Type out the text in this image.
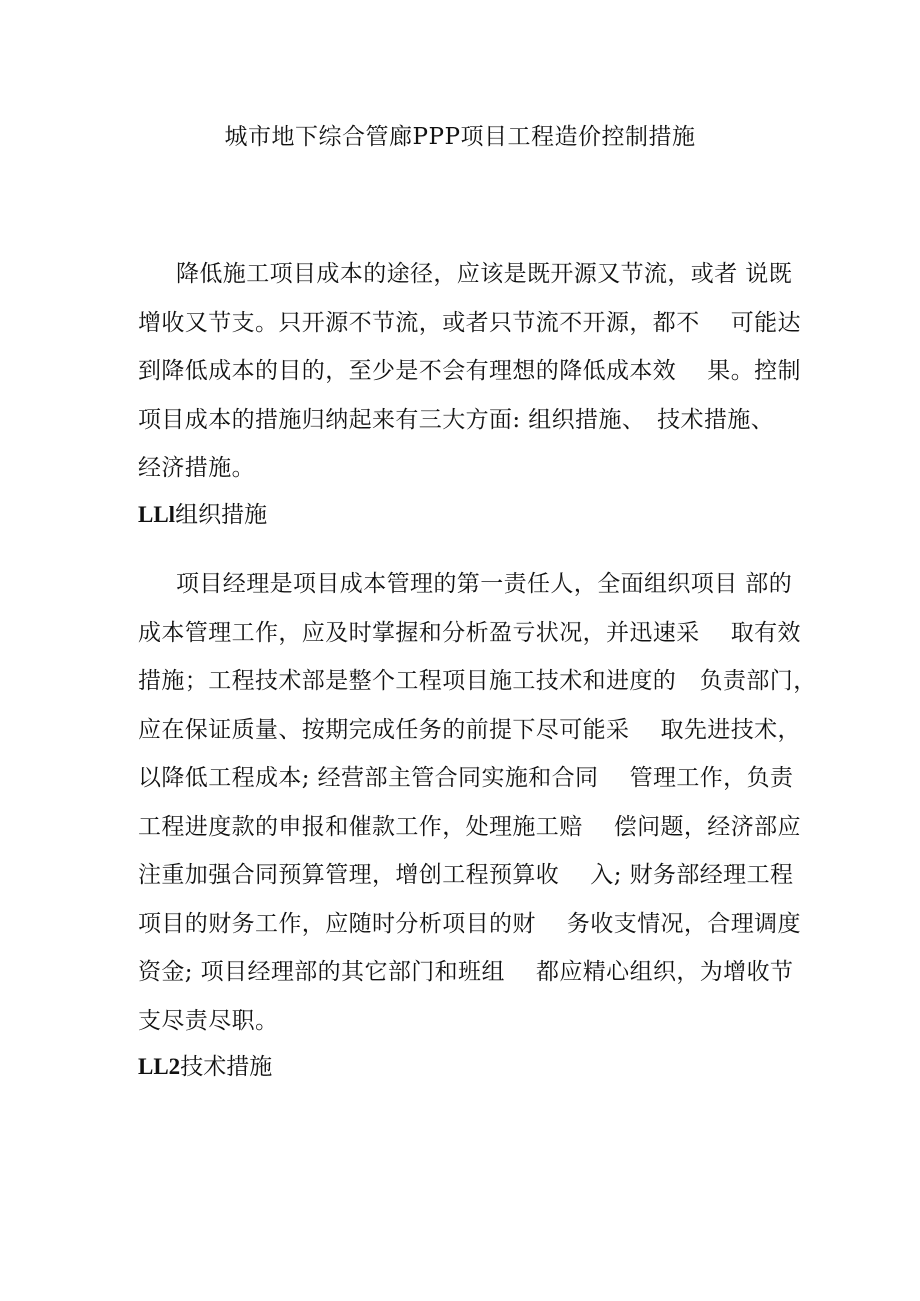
城市地下综合管廊PPP项目工程造价控制措施

降低施工项目成本的途径，应该是既开源又节流，或者 说既
增收又节支。只开源不节流，或者只节流不开源，都不　 可能达
到降低成本的目的，至少是不会有理想的降低成本效　 果。控制
项目成本的措施归纳起来有三大方面: 组织措施、　技术措施、
经济措施。

LLl组织措施

项目经理是项目成本管理的第一责任人，全面组织项目 部的
成本管理工作，应及时掌握和分析盈亏状况，并迅速采　 取有效
措施；工程技术部是整个工程项目施工技术和进度的　负责部门，
应在保证质量、按期完成任务的前提下尽可能采　 取先进技术，
以降低工程成本; 经营部主管合同实施和合同　 管理工作，负责
工程进度款的申报和催款工作，处理施工赔　 偿问题，经济部应
注重加强合同预算管理，增创工程预算收　 入; 财务部经理工程
项目的财务工作，应随时分析项目的财　 务收支情况，合理调度
资金; 项目经理部的其它部门和班组　 都应精心组织，为增收节
支尽责尽职。

LL2技术措施
